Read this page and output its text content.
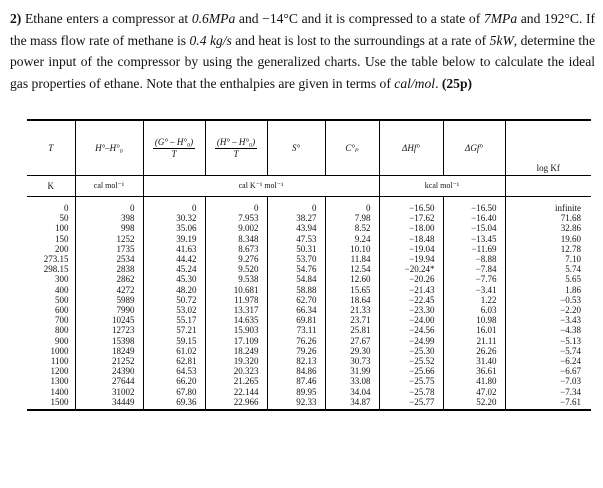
2) Ethane enters a compressor at 0.6MPa and −14°C and it is compressed to a state of 7MPa and 192°C. If the mass flow rate of methane is 0.4 kg/s and heat is lost to the surroundings at a rate of 5kW, determine the power input of the compressor by using the generalized charts. Use the table below to calculate the ideal gas properties of ethane. Note that the enthalpies are given in terms of cal/mol. (25p)
T	H°–H°₀	$\frac{\text{(G° – H°₀)}}{T}$	$\frac{\text{(H° – H°₀)}}{T}$	S°	C°ₚ	ΔHf°	ΔGf°	log Kf
K	cal mol⁻¹	cal K⁻¹ mol⁻¹				kcal mol⁻¹		
0	0	0	0	0	0	−16.50	−16.50	infinite
50	398	30.32	7.953	38.27	7.98	−17.62	−16.40	71.68
100	998	35.06	9.002	43.94	8.52	−18.00	−15.04	32.86
150	1252	39.19	8.348	47.53	9.24	−18.48	−13.45	19.60
200	1735	41.63	8.673	50.31	10.10	−19.04	−11.69	12.78
273.15	2534	44.42	9.276	53.70	11.84	−19.94	−8.88	7.10
298.15	2838	45.24	9.520	54.76	12.54	−20.24*	−7.84	5.74
300	2862	45.30	9.538	54.84	12.60	−20.26	−7.76	5.65
400	4272	48.20	10.681	58.88	15.65	−21.43	−3.41	1.86
500	5989	50.72	11.978	62.70	18.64	−22.45	1.22	−0.53
600	7990	53.02	13.317	66.34	21.33	−23.30	6.03	−2.20
700	10245	55.17	14.635	69.81	23.71	−24.00	10.98	−3.43
800	12723	57.21	15.903	73.11	25.81	−24.56	16.01	−4.38
900	15398	59.15	17.109	76.26	27.67	−24.99	21.11	−5.13
1000	18249	61.02	18.249	79.26	29.30	−25.30	26.26	−5.74
1100	21252	62.81	19.320	82.13	30.73	−25.52	31.40	−6.24
1200	24390	64.53	20.323	84.86	31.99	−25.66	36.61	−6.67
1300	27644	66.20	21.265	87.46	33.08	−25.75	41.80	−7.03
1400	31002	67.80	22.144	89.95	34.04	−25.78	47.02	−7.34
1500	34449	69.36	22.966	92.33	34.87	−25.77	52.20	−7.61
